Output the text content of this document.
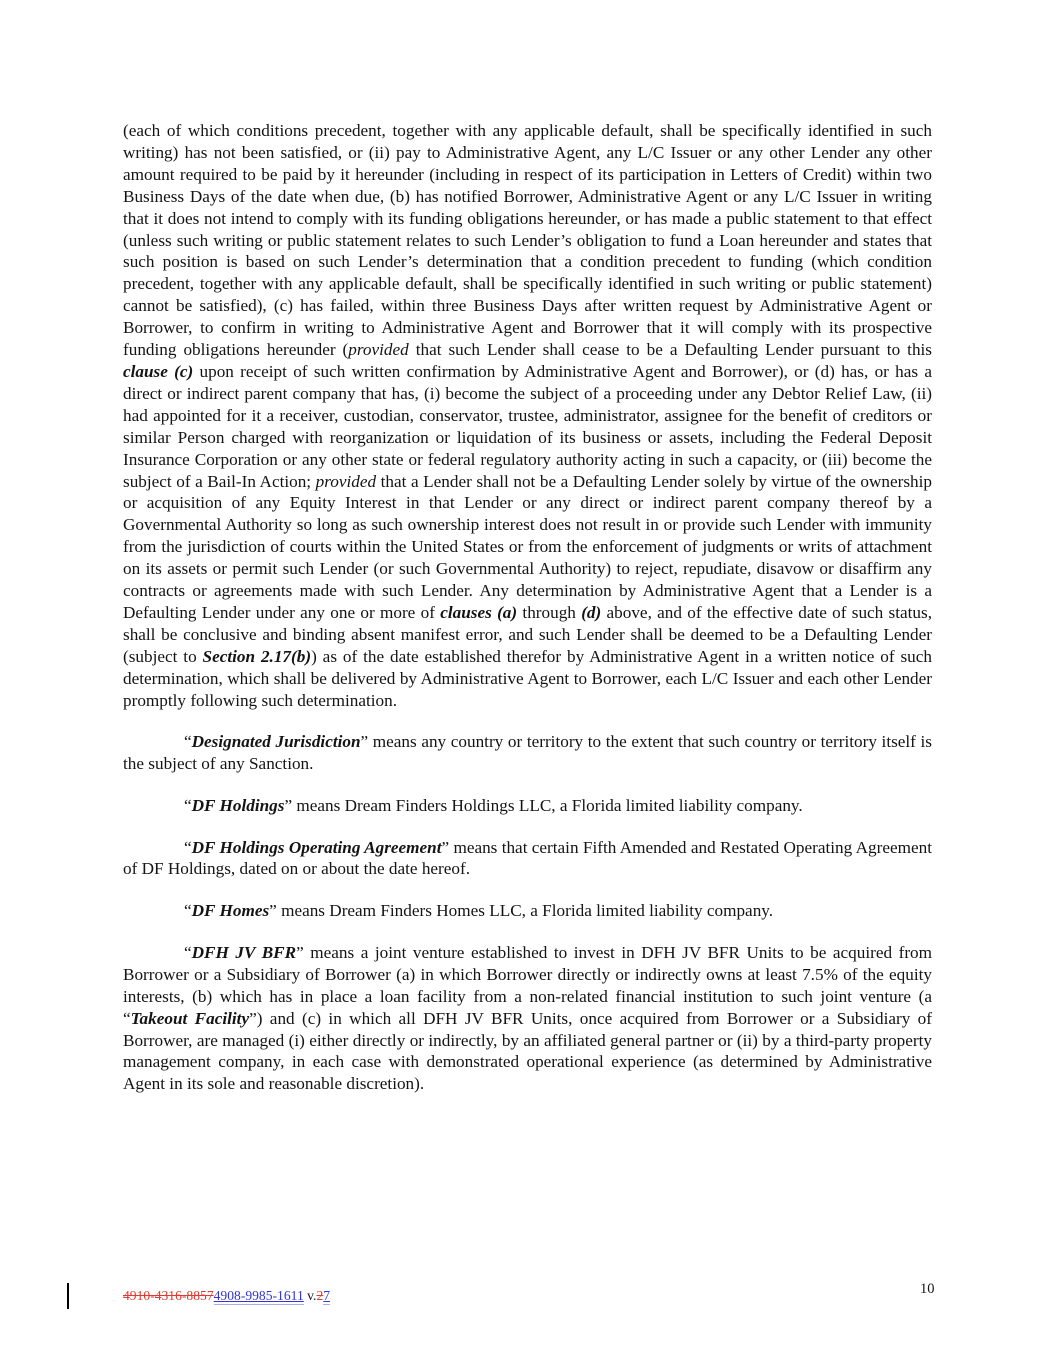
(each of which conditions precedent, together with any applicable default, shall be specifically identified in such writing) has not been satisfied, or (ii) pay to Administrative Agent, any L/C Issuer or any other Lender any other amount required to be paid by it hereunder (including in respect of its participation in Letters of Credit) within two Business Days of the date when due, (b) has notified Borrower, Administrative Agent or any L/C Issuer in writing that it does not intend to comply with its funding obligations hereunder, or has made a public statement to that effect (unless such writing or public statement relates to such Lender’s obligation to fund a Loan hereunder and states that such position is based on such Lender’s determination that a condition precedent to funding (which condition precedent, together with any applicable default, shall be specifically identified in such writing or public statement) cannot be satisfied), (c) has failed, within three Business Days after written request by Administrative Agent or Borrower, to confirm in writing to Administrative Agent and Borrower that it will comply with its prospective funding obligations hereunder (provided that such Lender shall cease to be a Defaulting Lender pursuant to this clause (c) upon receipt of such written confirmation by Administrative Agent and Borrower), or (d) has, or has a direct or indirect parent company that has, (i) become the subject of a proceeding under any Debtor Relief Law, (ii) had appointed for it a receiver, custodian, conservator, trustee, administrator, assignee for the benefit of creditors or similar Person charged with reorganization or liquidation of its business or assets, including the Federal Deposit Insurance Corporation or any other state or federal regulatory authority acting in such a capacity, or (iii) become the subject of a Bail-In Action; provided that a Lender shall not be a Defaulting Lender solely by virtue of the ownership or acquisition of any Equity Interest in that Lender or any direct or indirect parent company thereof by a Governmental Authority so long as such ownership interest does not result in or provide such Lender with immunity from the jurisdiction of courts within the United States or from the enforcement of judgments or writs of attachment on its assets or permit such Lender (or such Governmental Authority) to reject, repudiate, disavow or disaffirm any contracts or agreements made with such Lender. Any determination by Administrative Agent that a Lender is a Defaulting Lender under any one or more of clauses (a) through (d) above, and of the effective date of such status, shall be conclusive and binding absent manifest error, and such Lender shall be deemed to be a Defaulting Lender (subject to Section 2.17(b)) as of the date established therefor by Administrative Agent in a written notice of such determination, which shall be delivered by Administrative Agent to Borrower, each L/C Issuer and each other Lender promptly following such determination.

“Designated Jurisdiction” means any country or territory to the extent that such country or territory itself is the subject of any Sanction.

“DF Holdings” means Dream Finders Holdings LLC, a Florida limited liability company.

“DF Holdings Operating Agreement” means that certain Fifth Amended and Restated Operating Agreement of DF Holdings, dated on or about the date hereof.

“DF Homes” means Dream Finders Homes LLC, a Florida limited liability company.

“DFH JV BFR” means a joint venture established to invest in DFH JV BFR Units to be acquired from Borrower or a Subsidiary of Borrower (a) in which Borrower directly or indirectly owns at least 7.5% of the equity interests, (b) which has in place a loan facility from a non-related financial institution to such joint venture (a “Takeout Facility”) and (c) in which all DFH JV BFR Units, once acquired from Borrower or a Subsidiary of Borrower, are managed (i) either directly or indirectly, by an affiliated general partner or (ii) by a third-party property management company, in each case with demonstrated operational experience (as determined by Administrative Agent in its sole and reasonable discretion).

4910-4316-88574908-9985-1611 v.27	10
